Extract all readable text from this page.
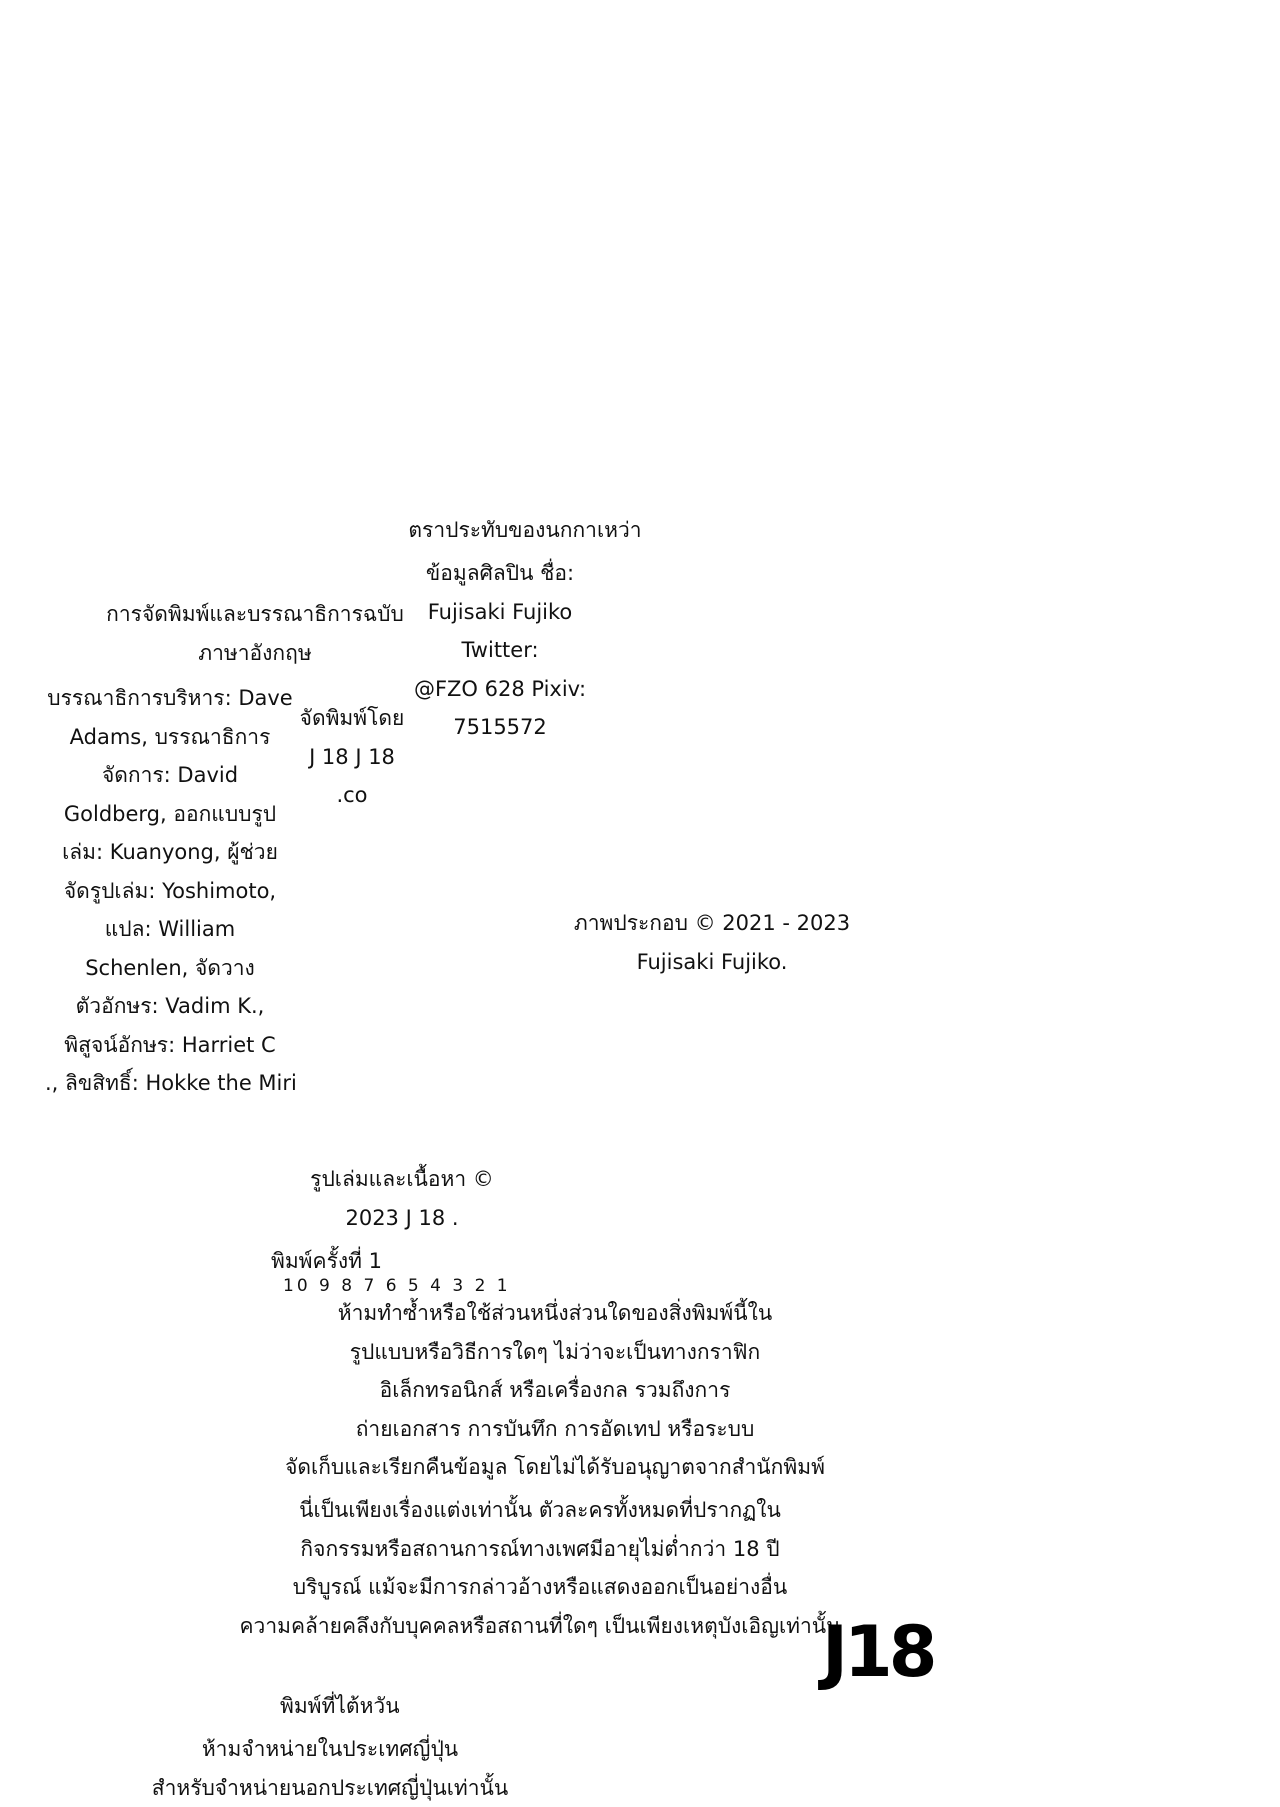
ตราประทับของนกกาเหว่า
ข้อมูลศิลปิน ชื่อ:
Fujisaki Fujiko
Twitter:
@FZO 628 Pixiv:
7515572
การจัดพิมพ์และบรรณาธิการฉบับ
ภาษาอังกฤษ
บรรณาธิการบริหาร: Dave
Adams, บรรณาธิการ
จัดการ: David
Goldberg, ออกแบบรูป
เล่ม: Kuanyong, ผู้ช่วย
จัดรูปเล่ม: Yoshimoto,
แปล: William
Schenlen, จัดวาง
ตัวอักษร: Vadim K.,
พิสูจน์อักษร: Harriet C
., ลิขสิทธิ์: Hokke the Miri
จัดพิมพ์โดย
J 18 J 18
.co
ภาพประกอบ © 2021 - 2023
Fujisaki Fujiko.
รูปเล่มและเนื้อหา ©
2023 J 18 .
พิมพ์ครั้งที่ 1
10 9 8 7 6 5 4 3 2 1
ห้ามทำซ้ำหรือใช้ส่วนหนึ่งส่วนใดของสิ่งพิมพ์นี้ใน
รูปแบบหรือวิธีการใดๆ ไม่ว่าจะเป็นทางกราฟิก
อิเล็กทรอนิกส์ หรือเครื่องกล รวมถึงการ
ถ่ายเอกสาร การบันทึก การอัดเทป หรือระบบ
จัดเก็บและเรียกคืนข้อมูล โดยไม่ได้รับอนุญาตจากสำนักพิมพ์
นี่เป็นเพียงเรื่องแต่งเท่านั้น ตัวละครทั้งหมดที่ปรากฏใน
กิจกรรมหรือสถานการณ์ทางเพศมีอายุไม่ต่ำกว่า 18 ปี
บริบูรณ์ แม้จะมีการกล่าวอ้างหรือแสดงออกเป็นอย่างอื่น
ความคล้ายคลึงกับบุคคลหรือสถานที่ใดๆ เป็นเพียงเหตุบังเอิญเท่านั้น
J18
พิมพ์ที่ไต้หวัน
ห้ามจำหน่ายในประเทศญี่ปุ่น
สำหรับจำหน่ายนอกประเทศญี่ปุ่นเท่านั้น
